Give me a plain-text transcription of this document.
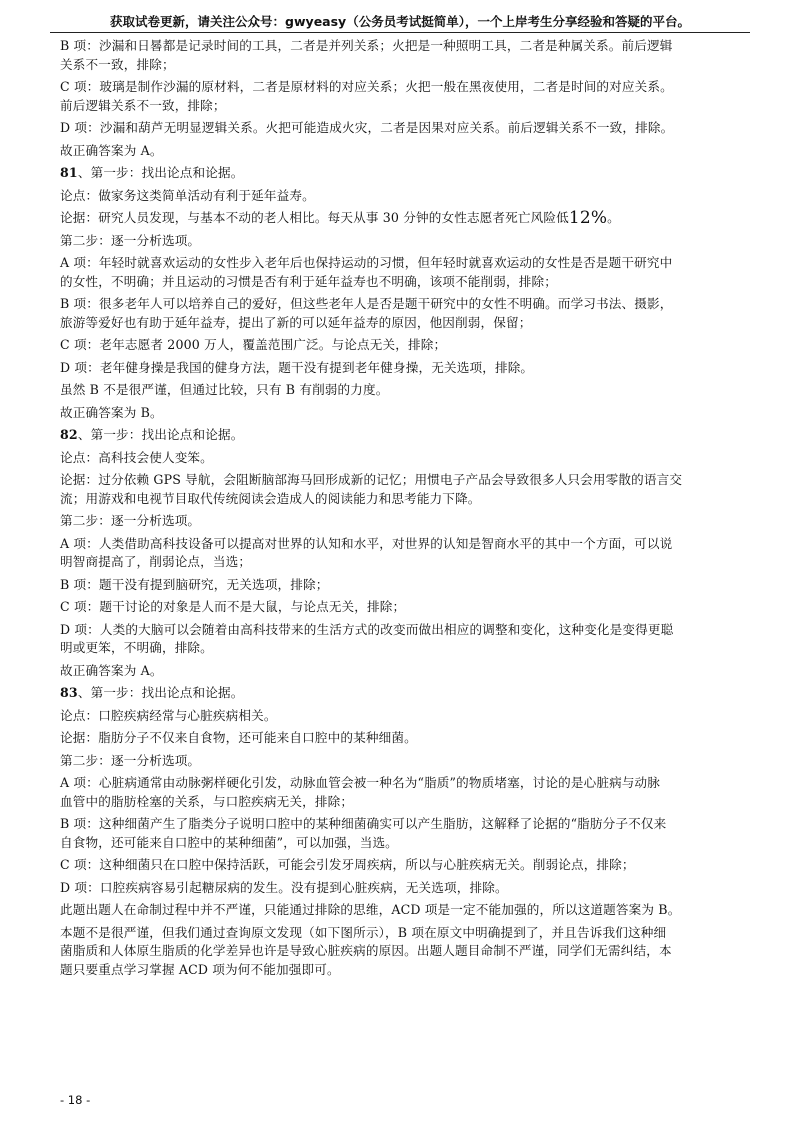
获取试卷更新，请关注公众号：gwyeasy（公务员考试挺简单），一个上岸考生分享经验和答疑的平台。
B 项：沙漏和日晷都是记录时间的工具，二者是并列关系；火把是一种照明工具，二者是种属关系。前后逻辑
关系不一致，排除；
C 项：玻璃是制作沙漏的原材料，二者是原材料的对应关系；火把一般在黑夜使用，二者是时间的对应关系。
前后逻辑关系不一致，排除；
D 项：沙漏和葫芦无明显逻辑关系。火把可能造成火灾，二者是因果对应关系。前后逻辑关系不一致，排除。
故正确答案为 A。
81、第一步：找出论点和论据。
论点：做家务这类简单活动有利于延年益寿。
论据：研究人员发现，与基本不动的老人相比。每天从事 30 分钟的女性志愿者死亡风险低12%。
第二步：逐一分析选项。
A 项：年轻时就喜欢运动的女性步入老年后也保持运动的习惯，但年轻时就喜欢运动的女性是否是题干研究中
的女性，不明确；并且运动的习惯是否有利于延年益寿也不明确，该项不能削弱，排除；
B 项：很多老年人可以培养自己的爱好，但这些老年人是否是题干研究中的女性不明确。而学习书法、摄影，
旅游等爱好也有助于延年益寿，提出了新的可以延年益寿的原因，他因削弱，保留；
C 项：老年志愿者 2000 万人，覆盖范围广泛。与论点无关，排除；
D 项：老年健身操是我国的健身方法，题干没有提到老年健身操，无关选项，排除。
虽然 B 不是很严谨，但通过比较，只有 B 有削弱的力度。
故正确答案为 B。
82、第一步：找出论点和论据。
论点：高科技会使人变笨。
论据：过分依赖 GPS 导航，会阻断脑部海马回形成新的记忆；用惯电子产品会导致很多人只会用零散的语言交
流；用游戏和电视节目取代传统阅读会造成人的阅读能力和思考能力下降。
第二步：逐一分析选项。
A 项：人类借助高科技设备可以提高对世界的认知和水平，对世界的认知是智商水平的其中一个方面，可以说
明智商提高了，削弱论点，当选；
B 项：题干没有提到脑研究，无关选项，排除；
C 项：题干讨论的对象是人而不是大鼠，与论点无关，排除；
D 项：人类的大脑可以会随着由高科技带来的生活方式的改变而做出相应的调整和变化，这种变化是变得更聪
明或更笨，不明确，排除。
故正确答案为 A。
83、第一步：找出论点和论据。
论点：口腔疾病经常与心脏疾病相关。
论据：脂肪分子不仅来自食物，还可能来自口腔中的某种细菌。
第二步：逐一分析选项。
A 项：心脏病通常由动脉粥样硬化引发，动脉血管会被一种名为“脂质”的物质堵塞，讨论的是心脏病与动脉
血管中的脂肪栓塞的关系，与口腔疾病无关，排除；
B 项：这种细菌产生了脂类分子说明口腔中的某种细菌确实可以产生脂肪，这解释了论据的“脂肪分子不仅来
自食物，还可能来自口腔中的某种细菌”，可以加强，当选。
C 项：这种细菌只在口腔中保持活跃，可能会引发牙周疾病，所以与心脏疾病无关。削弱论点，排除；
D 项：口腔疾病容易引起糖尿病的发生。没有提到心脏疾病，无关选项，排除。
此题出题人在命制过程中并不严谨，只能通过排除的思维，ACD 项是一定不能加强的，所以这道题答案为 B。
本题不是很严谨，但我们通过查询原文发现（如下图所示），B 项在原文中明确提到了，并且告诉我们这种细
菌脂质和人体原生脂质的化学差异也许是导致心脏疾病的原因。出题人题目命制不严谨，同学们无需纠结，本
题只要重点学习掌握 ACD 项为何不能加强即可。
- 18 -
